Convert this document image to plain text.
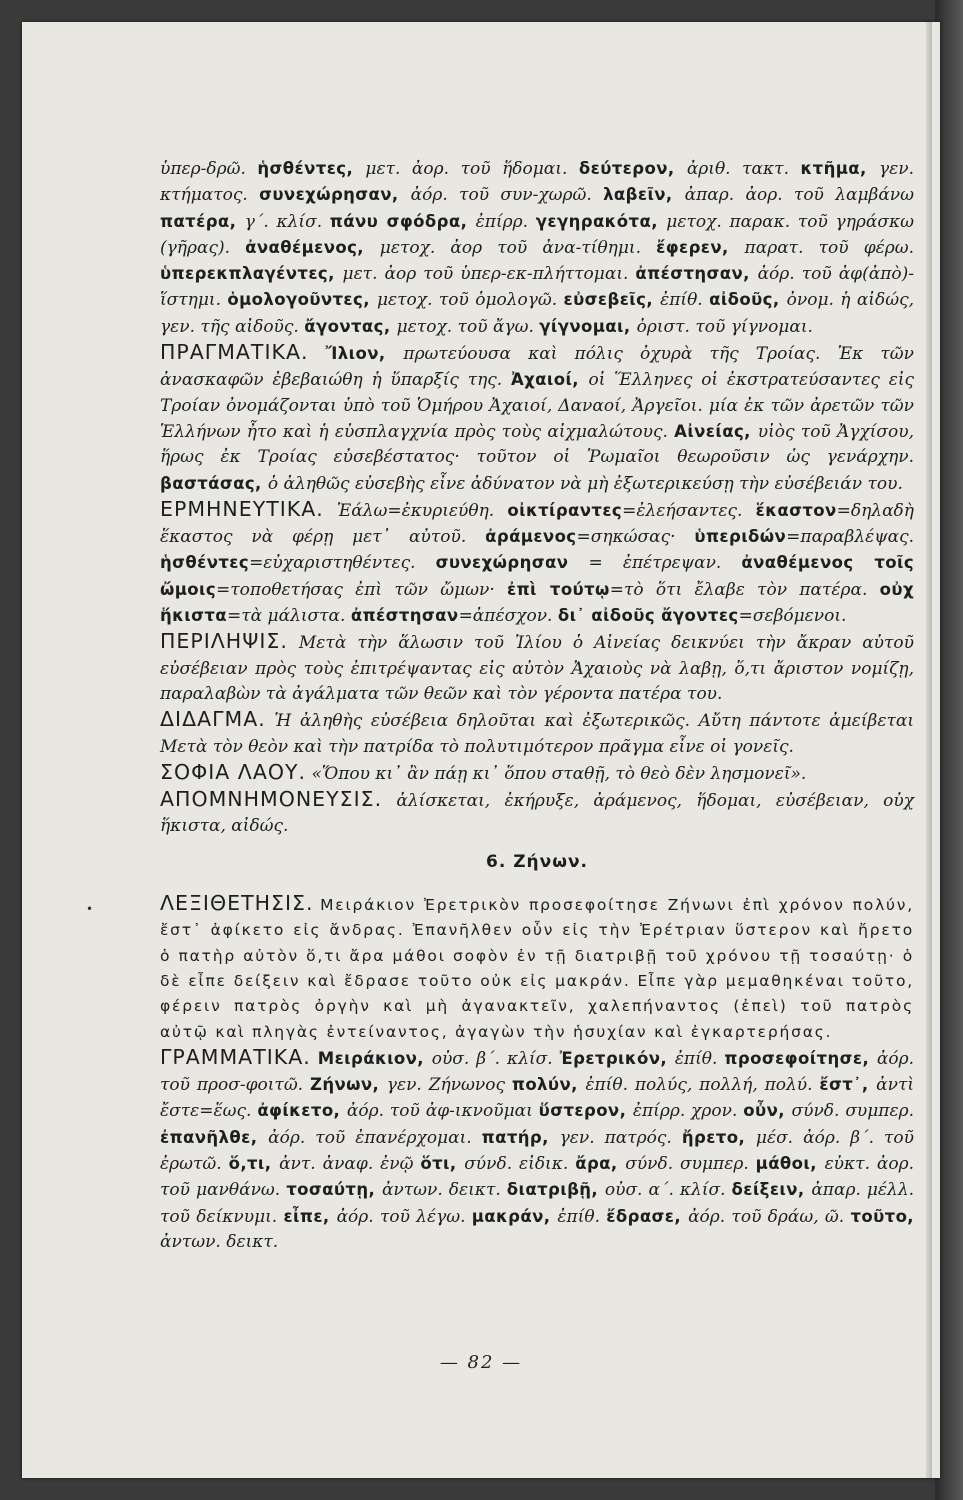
•

ὑπερ-δρῶ. ἡσθέντες, μετ. ἀορ. τοῦ ἥδομαι. δεύτερον, ἀριθ. τακτ. κτῆμα, γεν. κτήματος. συνεχώρησαν, ἀόρ. τοῦ συν-χωρῶ. λαβεῖν, ἀπαρ. ἀορ. τοῦ λαμβάνω πατέρα, γ΄. κλίσ. πάνυ σφόδρα, ἐπίρρ. γεγηρακότα, μετοχ. παρακ. τοῦ γηράσκω (γῆρας). ἀναθέμενος, μετοχ. ἀορ τοῦ ἀνα-τίθημι. ἔφερεν, παρατ. τοῦ φέρω. ὑπερεκπλαγέντες, μετ. ἀορ τοῦ ὑπερ-εκ-πλήττομαι. ἀπέστησαν, ἀόρ. τοῦ ἀφ(ἀπὸ)-ἵστημι. ὁμολογοῦντες, μετοχ. τοῦ ὁμολογῶ. εὐσεβεῖς, ἐπίθ. αἰδοῦς, ὀνομ. ἡ αἰδώς, γεν. τῆς αἰδοῦς. ἄγοντας, μετοχ. τοῦ ἄγω. γίγνομαι, ὁριστ. τοῦ γίγνομαι.

ΠΡΑΓΜΑΤΙΚΑ. Ἴλιον, πρωτεύουσα καὶ πόλις ὀχυρὰ τῆς Τροίας. Ἐκ τῶν ἀνασκαφῶν ἐβεβαιώθη ἡ ὕπαρξίς της. Ἀχαιοί, οἱ Ἕλληνες οἱ ἐκστρατεύσαντες εἰς Τροίαν ὀνομάζονται ὑπὸ τοῦ Ὁμήρου Ἀχαιοί, Δαναοί, Ἀργεῖοι. μία ἐκ τῶν ἀρετῶν τῶν Ἑλλήνων ἦτο καὶ ἡ εὐσπλαγχνία πρὸς τοὺς αἰχμαλώτους. Αἰνείας, υἱὸς τοῦ Ἀγχίσου, ἥρως ἐκ Τροίας εὐσεβέστατος· τοῦτον οἱ Ῥωμαῖοι θεωροῦσιν ὡς γενάρχην. βαστάσας, ὁ ἀληθῶς εὐσεβὴς εἶνε ἀδύνατον νὰ μὴ ἐξωτερικεύσῃ τὴν εὐσέβειάν του.

ΕΡΜΗΝΕΥΤΙΚΑ. Ἑάλω=ἐκυριεύθη. οἰκτίραντες=ἐλεήσαντες. ἕκαστον=δηλαδὴ ἕκαστος νὰ φέρῃ μετ᾿ αὐτοῦ. ἀράμενος=σηκώσας· ὑπεριδών=παραβλέψας. ἡσθέντες=εὐχαριστηθέντες. συνεχώρησαν = ἐπέτρεψαν. ἀναθέμενος τοῖς ὤμοις=τοποθετήσας ἐπὶ τῶν ὤμων· ἐπὶ τούτῳ=τὸ ὅτι ἔλαβε τὸν πατέρα. οὐχ ἥκιστα=τὰ μάλιστα. ἀπέστησαν=ἀπέσχον. δι᾿ αἰδοῦς ἄγοντες=σεβόμενοι.

ΠΕΡΙΛΗΨΙΣ. Μετὰ τὴν ἅλωσιν τοῦ Ἰλίου ὁ Αἰνείας δεικνύει τὴν ἄκραν αὐτοῦ εὐσέβειαν πρὸς τοὺς ἐπιτρέψαντας εἰς αὐτὸν Ἀχαιοὺς νὰ λαβῃ, ὅ,τι ἄριστον νομίζῃ, παραλαβὼν τὰ ἀγάλματα τῶν θεῶν καὶ τὸν γέροντα πατέρα του.

ΔΙΔΑΓΜΑ. Ἡ ἀληθὴς εὐσέβεια δηλοῦται καὶ ἐξωτερικῶς. Αὔτη πάντοτε ἀμείβεται Μετὰ τὸν θεὸν καὶ τὴν πατρίδα τὸ πολυτιμότερον πρᾶγμα εἶνε οἱ γονεῖς.

ΣΟΦΙΑ ΛΑΟΥ. «Ὅπου κι᾿ ἂν πάῃ κι᾿ ὅπου σταθῇ, τὸ θεὸ δὲν λησμονεῖ».

ΑΠΟΜΝΗΜΟΝΕΥΣΙΣ. ἁλίσκεται, ἐκήρυξε, ἀράμενος, ἥδομαι, εὐσέβειαν, οὐχ ἥκιστα, αἰδώς.

6. Ζήνων.

ΛΕΞΙΘΕΤΗΣΙΣ. Μειράκιον Ἐρετρικὸν προσεφοίτησε Ζήνωνι ἐπὶ χρόνον πολύν, ἔστ᾿ ἀφίκετο εἰς ἄνδρας. Ἐπανῆλθεν οὖν εἰς τὴν Ἐρέτριαν ὕστερον καὶ ἤρετο ὁ πατὴρ αὐτὸν ὅ,τι ἄρα μάθοι σοφὸν ἐν τῇ διατριβῇ τοῦ χρόνου τῇ τοσαύτῃ· ὁ δὲ εἶπε δείξειν καὶ ἔδρασε τοῦτο οὐκ εἰς μακράν. Εἶπε γὰρ μεμαθηκέναι τοῦτο, φέρειν πατρὸς ὀργὴν καὶ μὴ ἀγανακτεῖν, χαλεπήναντος (ἐπεὶ) τοῦ πατρὸς αὐτῷ καὶ πληγὰς ἐντείναντος, ἀγαγὼν τὴν ἡσυχίαν καὶ ἐγκαρτερήσας.

ΓΡΑΜΜΑΤΙΚΑ. Μειράκιον, οὐσ. β΄. κλίσ. Ἐρετρικόν, ἐπίθ. προσεφοίτησε, ἀόρ. τοῦ προσ-φοιτῶ. Ζήνων, γεν. Ζήνωνος πολύν, ἐπίθ. πολύς, πολλή, πολύ. ἔστ᾿, ἀντὶ ἔστε=ἕως. ἀφίκετο, ἀόρ. τοῦ ἀφ-ικνοῦμαι ὕστερον, ἐπίρρ. χρον. οὖν, σύνδ. συμπερ. ἐπανῆλθε, ἀόρ. τοῦ ἐπανέρχομαι. πατήρ, γεν. πατρός. ἤρετο, μέσ. ἀόρ. β΄. τοῦ ἐρωτῶ. ὅ,τι, ἀντ. ἀναφ. ἐνῷ ὅτι, σύνδ. εἰδικ. ἄρα, σύνδ. συμπερ. μάθοι, εὐκτ. ἀορ. τοῦ μανθάνω. τοσαύτῃ, ἀντων. δεικτ. διατριβῇ, οὐσ. α΄. κλίσ. δείξειν, ἀπαρ. μέλλ. τοῦ δείκνυμι. εἶπε, ἀόρ. τοῦ λέγω. μακράν, ἐπίθ. ἔδρασε, ἀόρ. τοῦ δράω, ῶ. τοῦτο, ἀντων. δεικτ.

— 82 —
